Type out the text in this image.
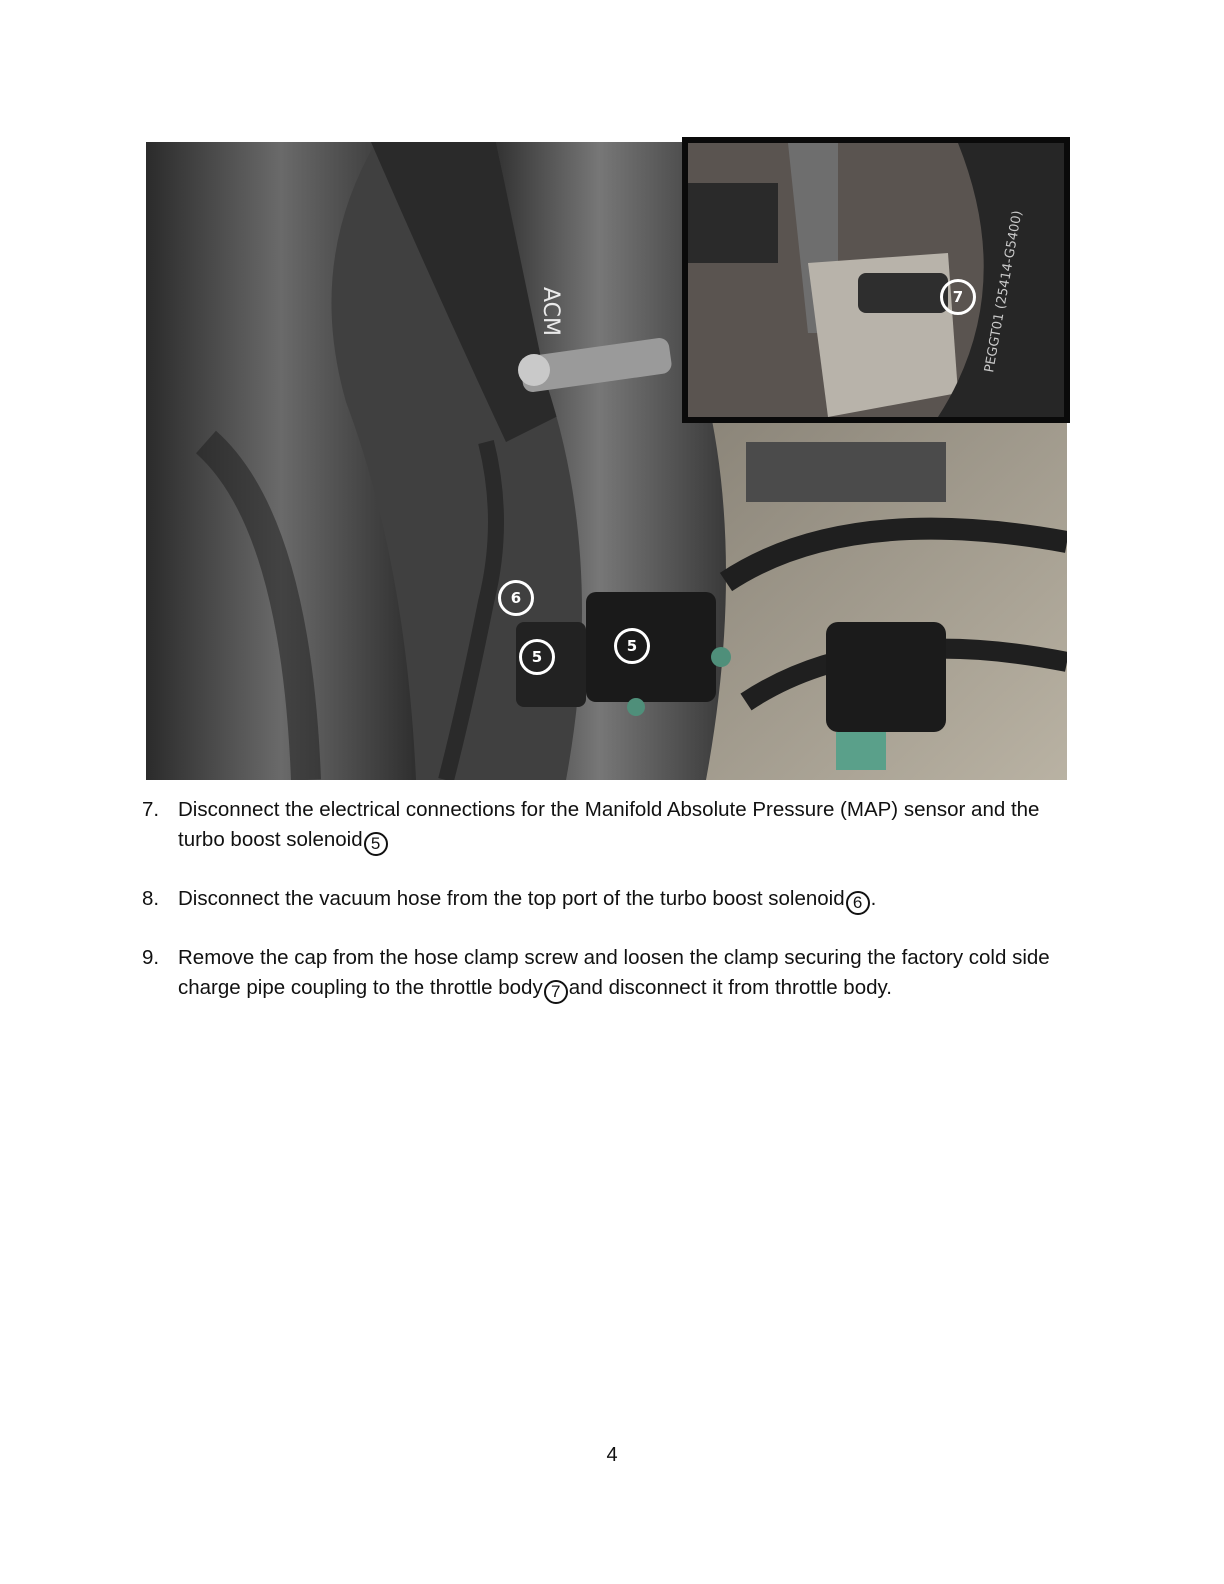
ACM
6
5
5
PEGGT01 (25414-G5400)
7
7. Disconnect the electrical connections for the Manifold Absolute Pressure (MAP) sensor and the turbo boost solenoid 5
8. Disconnect the vacuum hose from the top port of the turbo boost solenoid 6 .
9. Remove the cap from the hose clamp screw and loosen the clamp securing the factory cold side charge pipe coupling to the throttle body 7 and disconnect it from throttle body.
4
